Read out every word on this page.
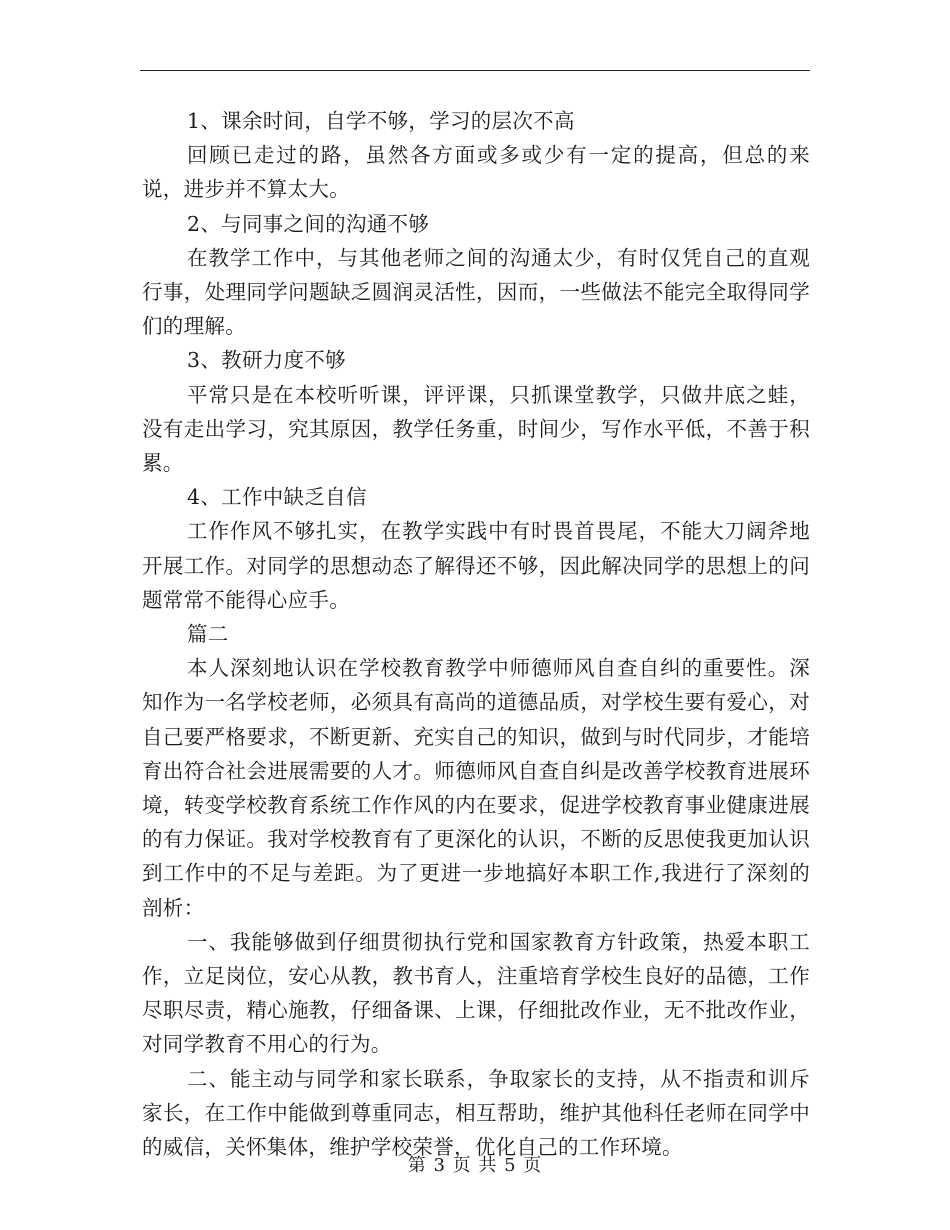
1、课余时间，自学不够，学习的层次不高

回顾已走过的路，虽然各方面或多或少有一定的提高，但总的来说，进步并不算太大。

2、与同事之间的沟通不够

在教学工作中，与其他老师之间的沟通太少，有时仅凭自己的直观行事，处理同学问题缺乏圆润灵活性，因而，一些做法不能完全取得同学们的理解。

3、教研力度不够

平常只是在本校听听课，评评课，只抓课堂教学，只做井底之蛙，没有走出学习，究其原因，教学任务重，时间少，写作水平低，不善于积累。

4、工作中缺乏自信

工作作风不够扎实，在教学实践中有时畏首畏尾，不能大刀阔斧地开展工作。对同学的思想动态了解得还不够，因此解决同学的思想上的问题常常不能得心应手。

篇二

本人深刻地认识在学校教育教学中师德师风自查自纠的重要性。深知作为一名学校老师，必须具有高尚的道德品质，对学校生要有爱心，对自己要严格要求，不断更新、充实自己的知识，做到与时代同步，才能培育出符合社会进展需要的人才。师德师风自查自纠是改善学校教育进展环境，转变学校教育系统工作作风的内在要求，促进学校教育事业健康进展的有力保证。我对学校教育有了更深化的认识，不断的反思使我更加认识到工作中的不足与差距。为了更进一步地搞好本职工作,我进行了深刻的剖析：

一、我能够做到仔细贯彻执行党和国家教育方针政策，热爱本职工作，立足岗位，安心从教，教书育人，注重培育学校生良好的品德，工作尽职尽责，精心施教，仔细备课、上课，仔细批改作业，无不批改作业，对同学教育不用心的行为。

二、能主动与同学和家长联系，争取家长的支持，从不指责和训斥家长，在工作中能做到尊重同志，相互帮助，维护其他科任老师在同学中的威信，关怀集体，维护学校荣誉，优化自己的工作环境。

第 3 页 共 5 页
